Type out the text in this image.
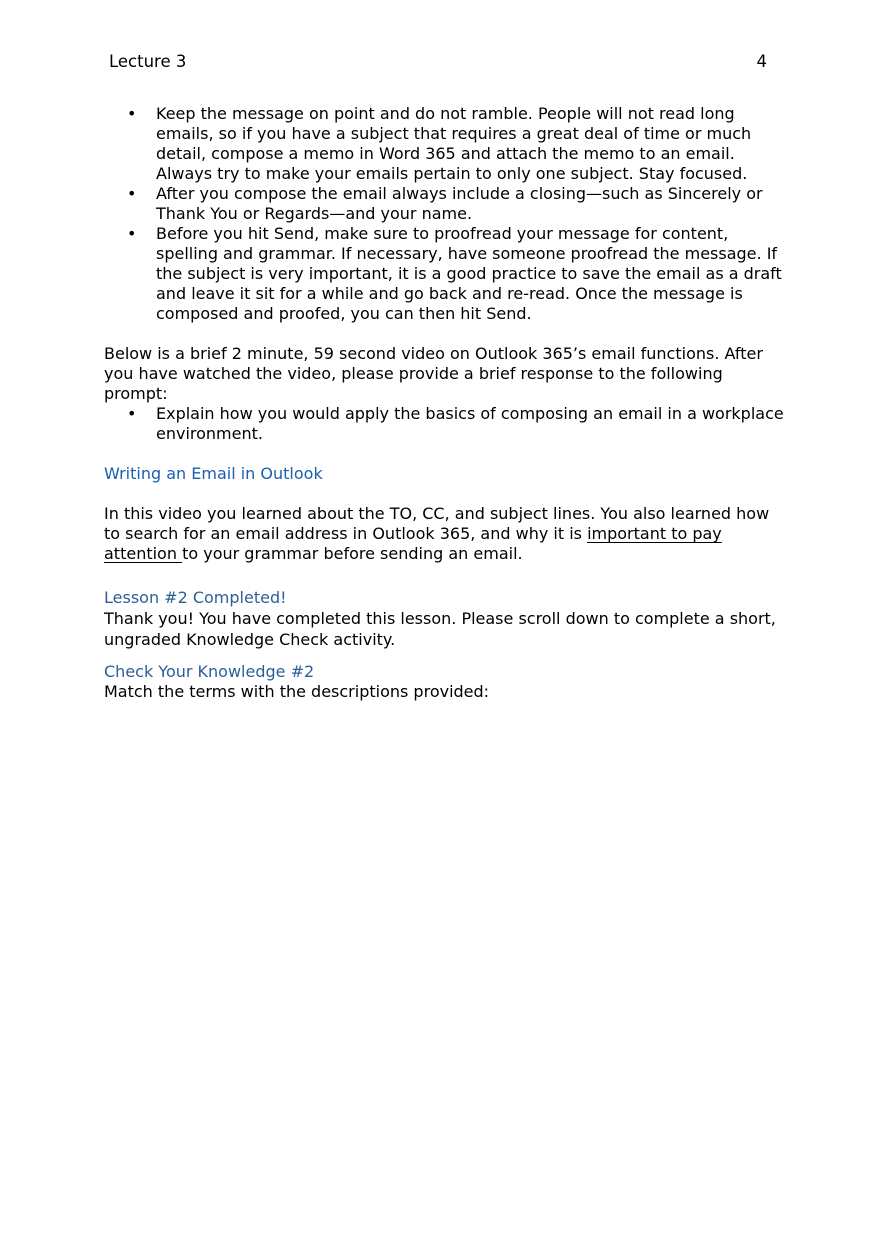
Lecture 3	4
• Keep the message on point and do not ramble. People will not read long emails, so if you have a subject that requires a great deal of time or much detail, compose a memo in Word 365 and attach the memo to an email. Always try to make your emails pertain to only one subject. Stay focused.
• After you compose the email always include a closing—such as Sincerely or Thank You or Regards—and your name.
• Before you hit Send, make sure to proofread your message for content, spelling and grammar. If necessary, have someone proofread the message. If the subject is very important, it is a good practice to save the email as a draft and leave it sit for a while and go back and re-read. Once the message is composed and proofed, you can then hit Send.

Below is a brief 2 minute, 59 second video on Outlook 365’s email functions. After you have watched the video, please provide a brief response to the following prompt:

• Explain how you would apply the basics of composing an email in a workplace environment.

Writing an Email in Outlook

In this video you learned about the TO, CC, and subject lines. You also learned how to search for an email address in Outlook 365, and why it is important to pay attention to your grammar before sending an email.

Lesson #2 Completed!

Thank you! You have completed this lesson. Please scroll down to complete a short, ungraded Knowledge Check activity.

Check Your Knowledge #2

Match the terms with the descriptions provided:
